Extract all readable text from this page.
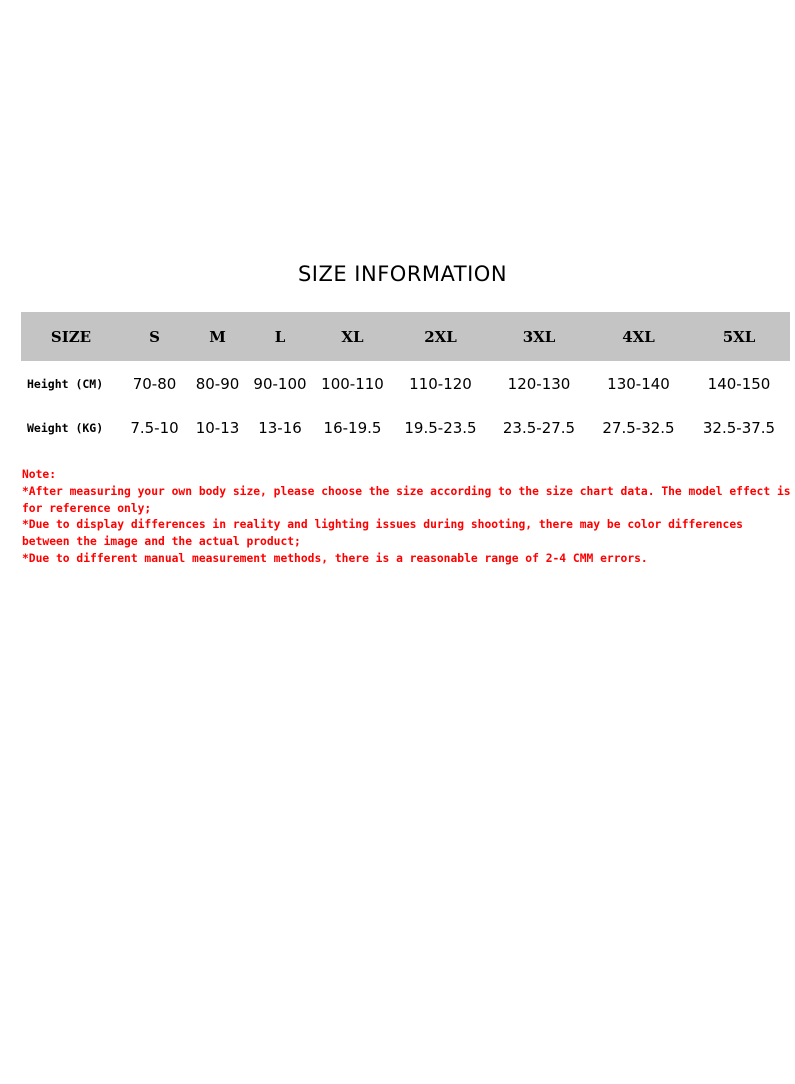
SIZE INFORMATION
SIZE	S	M	L	XL	2XL	3XL	4XL	5XL
Height (CM)	70-80	80-90	90-100	100-110	110-120	120-130	130-140	140-150
Weight (KG)	7.5-10	10-13	13-16	16-19.5	19.5-23.5	23.5-27.5	27.5-32.5	32.5-37.5
Note:
*After measuring your own body size, please choose the size according to the size chart data. The model effect is for reference only;
*Due to display differences in reality and lighting issues during shooting, there may be color differences between the image and the actual product;
*Due to different manual measurement methods, there is a reasonable range of 2-4 CMM errors.
